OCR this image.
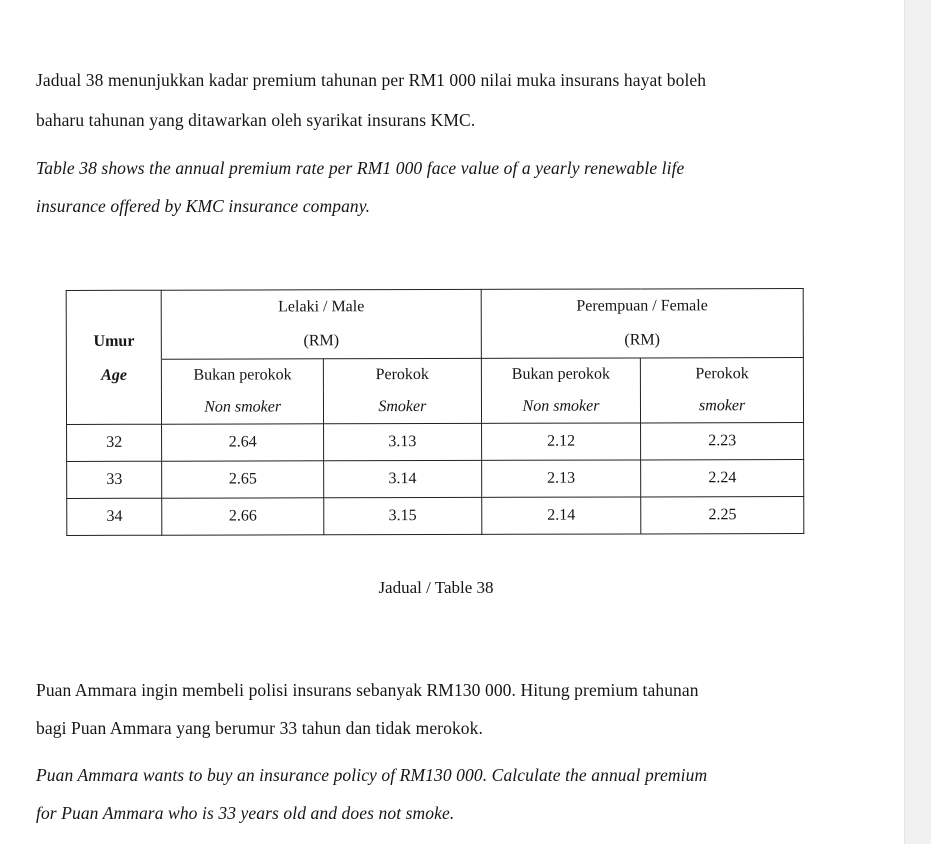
Jadual 38 menunjukkan kadar premium tahunan per RM1 000 nilai muka insurans hayat boleh
baharu tahunan yang ditawarkan oleh syarikat insurans KMC.
Table 38 shows the annual premium rate per RM1 000 face value of a yearly renewable life
insurance offered by KMC insurance company.
	Lelaki / Male		Perempuan / Female	
Umur	(RM)		(RM)	
Age	Bukan perokok	Perokok	Bukan perokok	Perokok
	Non smoker	Smoker	Non smoker	smoker
32	2.64	3.13	2.12	2.23
33	2.65	3.14	2.13	2.24
34	2.66	3.15	2.14	2.25
Jadual / Table 38
Puan Ammara ingin membeli polisi insurans sebanyak RM130 000. Hitung premium tahunan
bagi Puan Ammara yang berumur 33 tahun dan tidak merokok.
Puan Ammara wants to buy an insurance policy of RM130 000. Calculate the annual premium
for Puan Ammara who is 33 years old and does not smoke.
